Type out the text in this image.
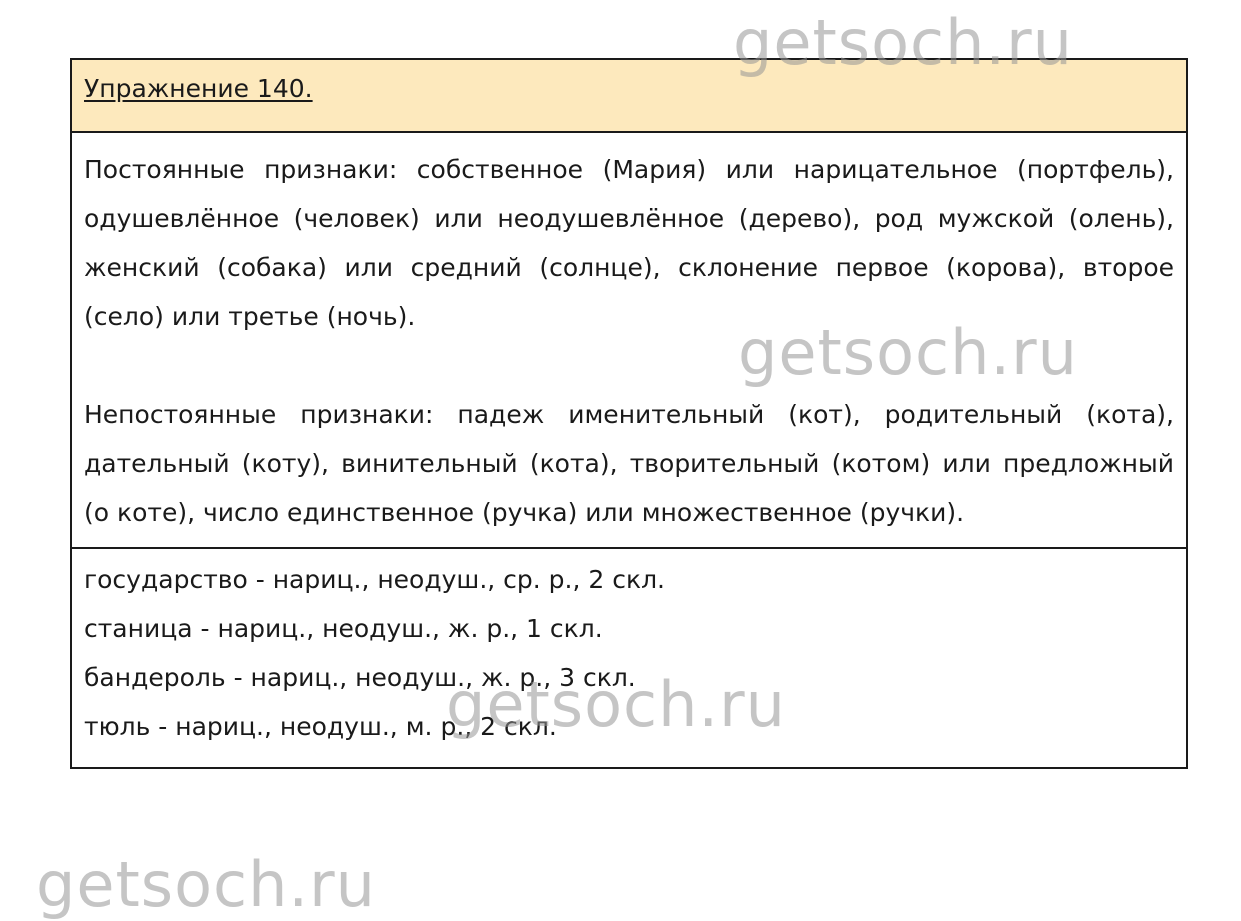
Упражнение 140.

Постоянные признаки: собственное (Мария) или нарицательное (портфель), одушевлённое (человек) или неодушевлённое (дерево), род мужской (олень), женский (собака) или средний (солнце), склонение первое (корова), второе (село) или третье (ночь).

Непостоянные признаки: падеж именительный (кот), родительный (кота), дательный (коту), винительный (кота), творительный (котом) или предложный (о коте), число единственное (ручка) или множественное (ручки).

государство - нариц., неодуш., ср. р., 2 скл.

станица - нариц., неодуш., ж. р., 1 скл.

бандероль - нариц., неодуш., ж. р., 3 скл.

тюль - нариц., неодуш., м. р., 2 скл.

getsoch.ru
getsoch.ru
getsoch.ru
getsoch.ru
